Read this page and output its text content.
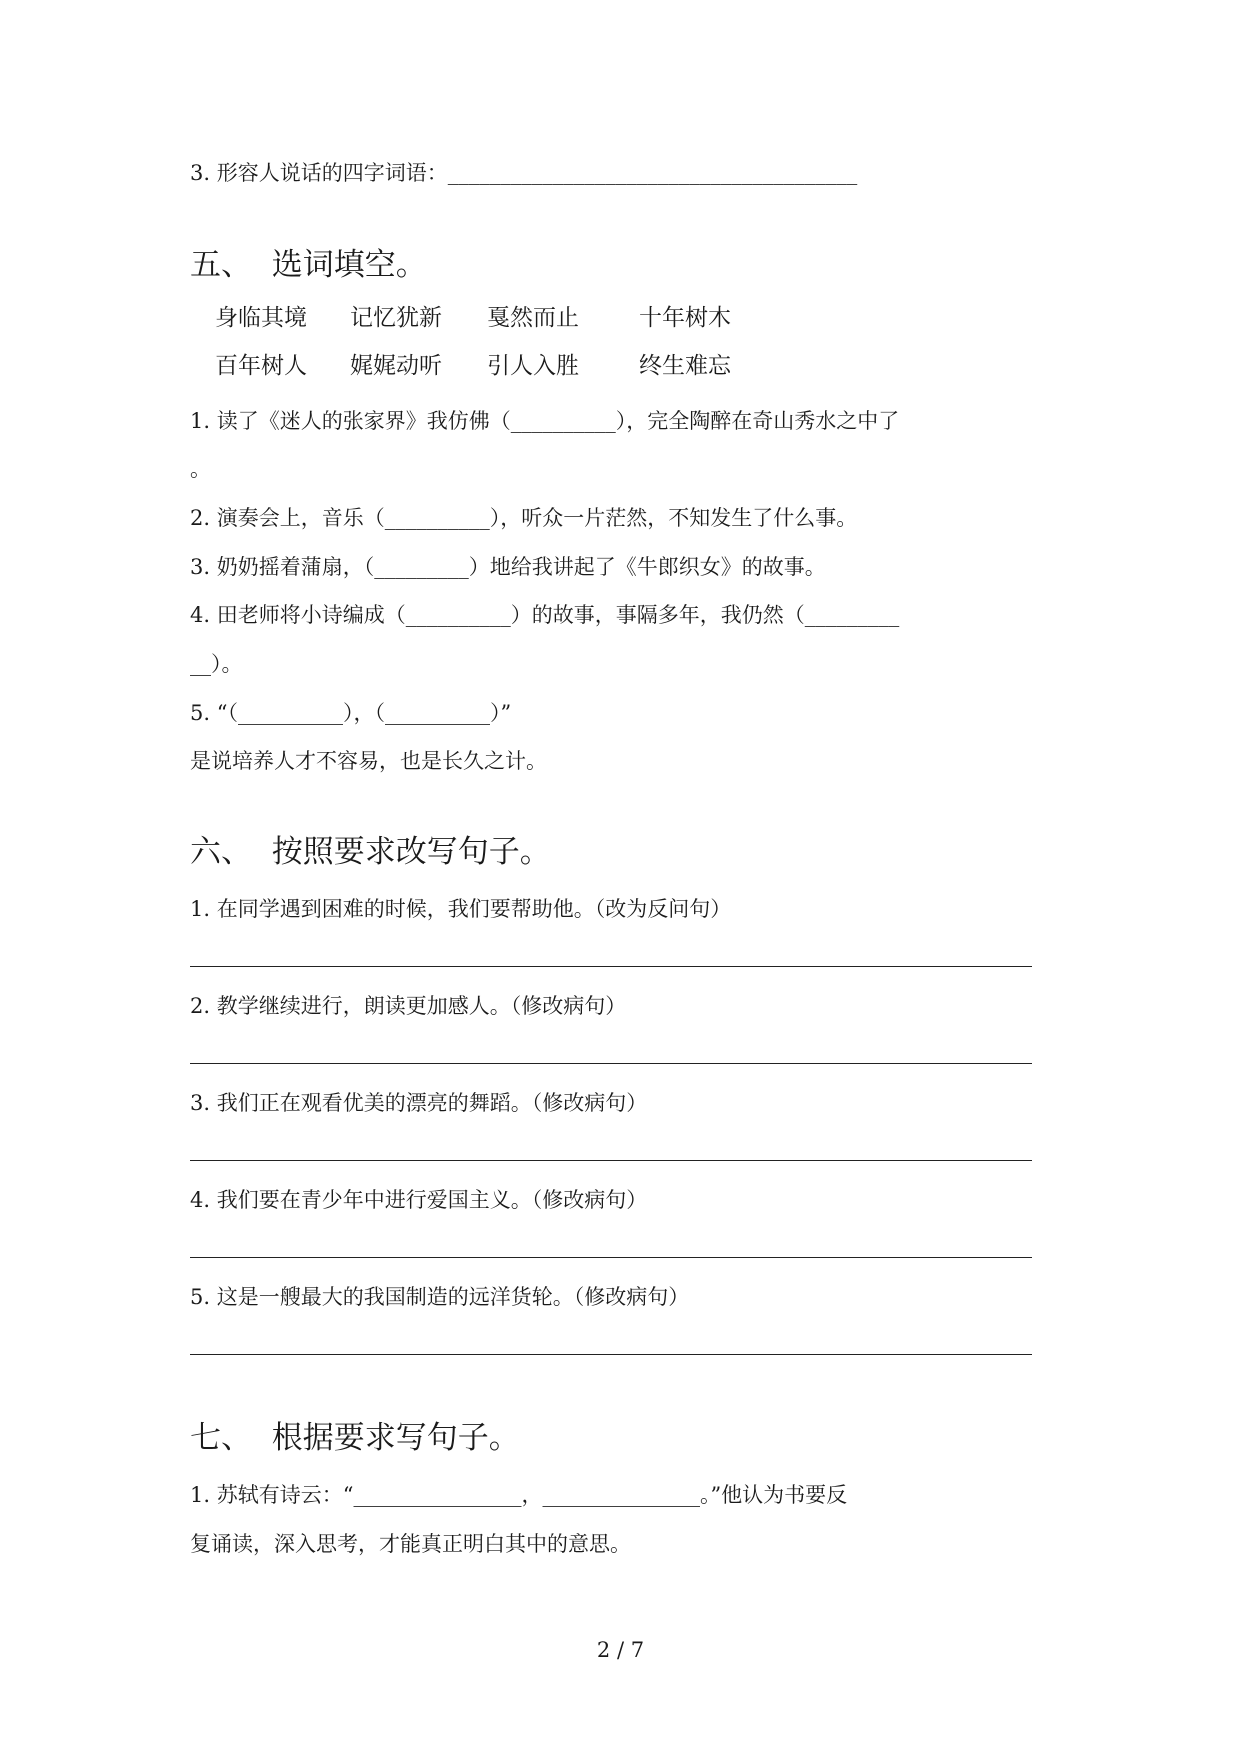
3. 形容人说话的四字词语：_______________________________________

五、  选词填空。
身临其境 记忆犹新 戛然而止	十年树木
百年树人 娓娓动听 引人入胜	终生难忘

1. 读了《迷人的张家界》我仿佛（__________），完全陶醉在奇山秀水之中了

。

2. 演奏会上，音乐（__________），听众一片茫然，不知发生了什么事。

3. 奶奶摇着蒲扇，（_________）地给我讲起了《牛郎织女》的故事。

4. 田老师将小诗编成（__________）的故事，事隔多年，我仍然（_________

__）。

5. “（__________），（__________）”

是说培养人才不容易，也是长久之计。

六、  按照要求改写句子。

1. 在同学遇到困难的时候，我们要帮助他。（改为反问句）

2. 教学继续进行，朗读更加感人。（修改病句）

3. 我们正在观看优美的漂亮的舞蹈。（修改病句）

4. 我们要在青少年中进行爱国主义。（修改病句）

5. 这是一艘最大的我国制造的远洋货轮。（修改病句）

七、  根据要求写句子。

1. 苏轼有诗云：“________________，_______________。”他认为书要反

复诵读，深入思考，才能真正明白其中的意思。

2 / 7
